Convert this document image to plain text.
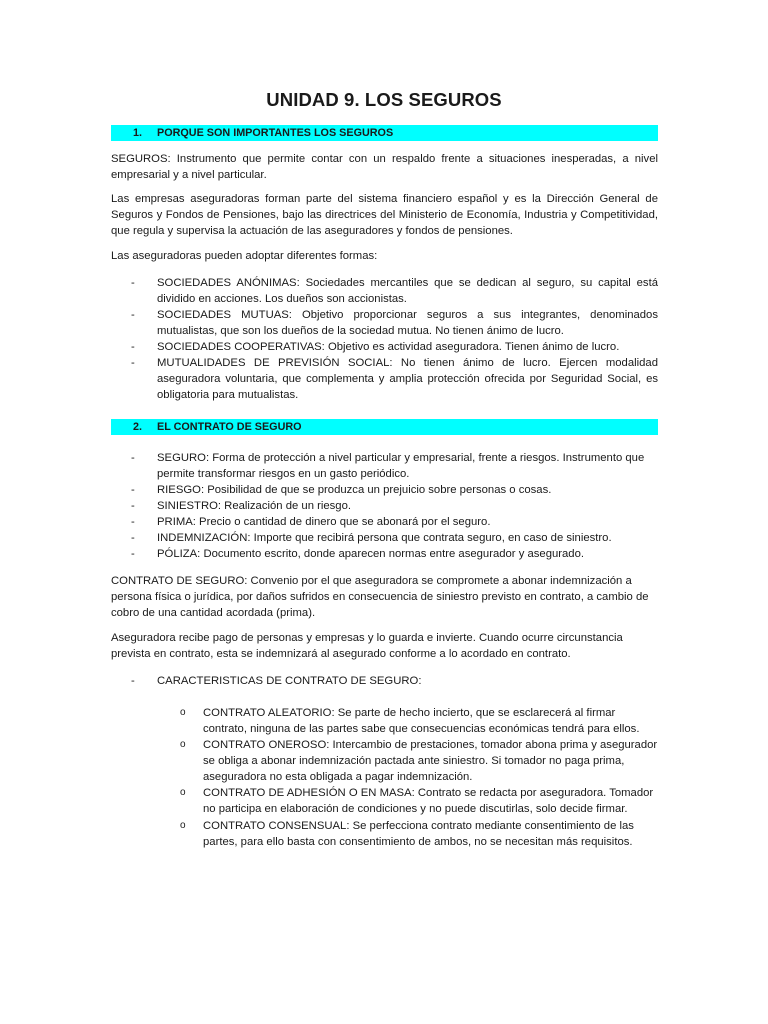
UNIDAD 9. LOS SEGUROS
1. PORQUE SON IMPORTANTES LOS SEGUROS
SEGUROS: Instrumento que permite contar con un respaldo frente a situaciones inesperadas, a nivel empresarial y a nivel particular.
Las empresas aseguradoras forman parte del sistema financiero español y es la Dirección General de Seguros y Fondos de Pensiones, bajo las directrices del Ministerio de Economía, Industria y Competitividad, que regula y supervisa la actuación de las aseguradores y fondos de pensiones.
Las aseguradoras pueden adoptar diferentes formas:
- SOCIEDADES ANÓNIMAS: Sociedades mercantiles que se dedican al seguro, su capital está dividido en acciones. Los dueños son accionistas.
- SOCIEDADES MUTUAS: Objetivo proporcionar seguros a sus integrantes, denominados mutualistas, que son los dueños de la sociedad mutua. No tienen ánimo de lucro.
- SOCIEDADES COOPERATIVAS: Objetivo es actividad aseguradora. Tienen ánimo de lucro.
- MUTUALIDADES DE PREVISIÓN SOCIAL: No tienen ánimo de lucro. Ejercen modalidad aseguradora voluntaria, que complementa y amplia protección ofrecida por Seguridad Social, es obligatoria para mutualistas.
2. EL CONTRATO DE SEGURO
- SEGURO: Forma de protección a nivel particular y empresarial, frente a riesgos. Instrumento que permite transformar riesgos en un gasto periódico.
- RIESGO: Posibilidad de que se produzca un prejuicio sobre personas o cosas.
- SINIESTRO: Realización de un riesgo.
- PRIMA: Precio o cantidad de dinero que se abonará por el seguro.
- INDEMNIZACIÓN: Importe que recibirá persona que contrata seguro, en caso de siniestro.
- PÓLIZA: Documento escrito, donde aparecen normas entre asegurador y asegurado.
CONTRATO DE SEGURO: Convenio por el que aseguradora se compromete a abonar indemnización a persona física o jurídica, por daños sufridos en consecuencia de siniestro previsto en contrato, a cambio de cobro de una cantidad acordada (prima).
Aseguradora recibe pago de personas y empresas y lo guarda e invierte. Cuando ocurre circunstancia prevista en contrato, esta se indemnizará al asegurado conforme a lo acordado en contrato.
- CARACTERISTICAS DE CONTRATO DE SEGURO:
o CONTRATO ALEATORIO: Se parte de hecho incierto, que se esclarecerá al firmar contrato, ninguna de las partes sabe que consecuencias económicas tendrá para ellos.
o CONTRATO ONEROSO: Intercambio de prestaciones, tomador abona prima y asegurador se obliga a abonar indemnización pactada ante siniestro. Si tomador no paga prima, aseguradora no esta obligada a pagar indemnización.
o CONTRATO DE ADHESIÓN O EN MASA: Contrato se redacta por aseguradora. Tomador no participa en elaboración de condiciones y no puede discutirlas, solo decide firmar.
o CONTRATO CONSENSUAL: Se perfecciona contrato mediante consentimiento de las partes, para ello basta con consentimiento de ambos, no se necesitan más requisitos.
